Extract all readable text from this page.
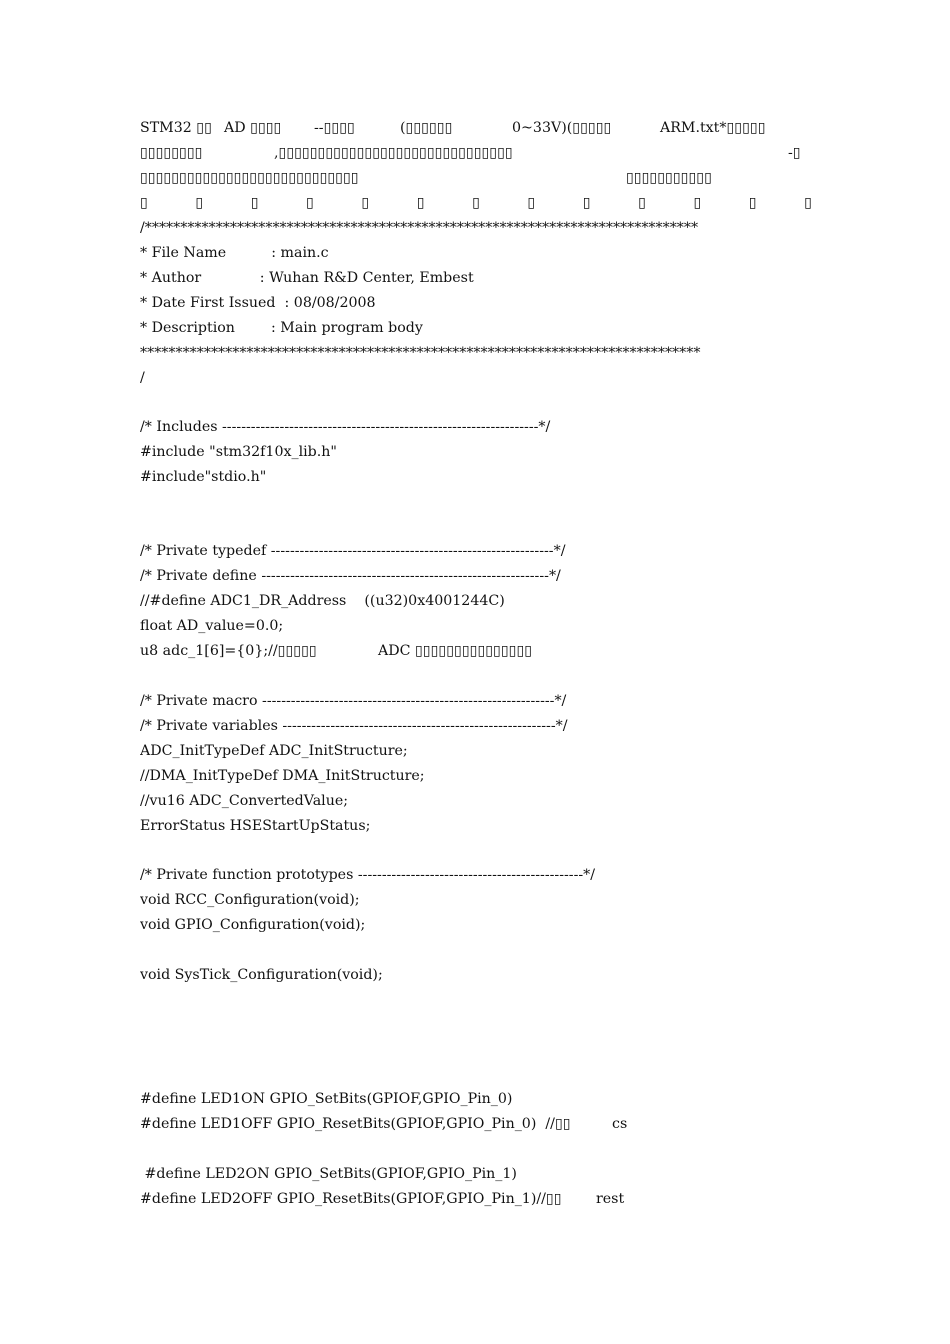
STM32 ▯▯

AD ▯▯▯▯

--▯▯▯▯

	(▯▯▯▯▯▯

	0~33V)(▯▯▯▯▯

	ARM.txt*▯▯▯▯▯

▯▯▯▯▯▯▯▯

	,▯▯▯▯▯▯▯▯▯▯▯▯▯▯▯▯▯▯▯▯▯▯▯▯▯▯▯▯▯▯

	-▯

▯▯▯▯▯▯▯▯▯▯▯▯▯▯▯▯▯▯▯▯▯▯▯▯▯▯▯▯

	▯▯▯▯▯▯▯▯▯▯▯

▯	▯	▯	▯	▯	▯	▯	▯	▯	▯	▯	▯	▯
/******************************************************************************
* File Name          : main.c
* Author             : Wuhan R&D Center, Embest
* Date First Issued  : 08/08/2008
* Description        : Main program body
*******************************************************************************
/
/* Includes ------------------------------------------------------------------*/
#include "stm32f10x_lib.h"
#include"stdio.h"
/* Private typedef -----------------------------------------------------------*/
/* Private define ------------------------------------------------------------*/
//#define ADC1_DR_Address    ((u32)0x4001244C)
float AD_value=0.0;

u8 adc_1[6]={0};//▯▯▯▯▯

	ADC ▯▯▯▯▯▯▯▯▯▯▯▯▯▯▯

/* Private macro -------------------------------------------------------------*/
/* Private variables ---------------------------------------------------------*/
ADC_InitTypeDef ADC_InitStructure;
//DMA_InitTypeDef DMA_InitStructure;
//vu16 ADC_ConvertedValue;
ErrorStatus HSEStartUpStatus;
/* Private function prototypes -----------------------------------------------*/
void RCC_Configuration(void);
void GPIO_Configuration(void);
void SysTick_Configuration(void);
#define LED1ON GPIO_SetBits(GPIOF,GPIO_Pin_0)

#define LED1OFF GPIO_ResetBits(GPIOF,GPIO_Pin_0)  //▯▯

	cs

#define LED2ON GPIO_SetBits(GPIOF,GPIO_Pin_1)

#define LED2OFF GPIO_ResetBits(GPIOF,GPIO_Pin_1)//▯▯

rest
